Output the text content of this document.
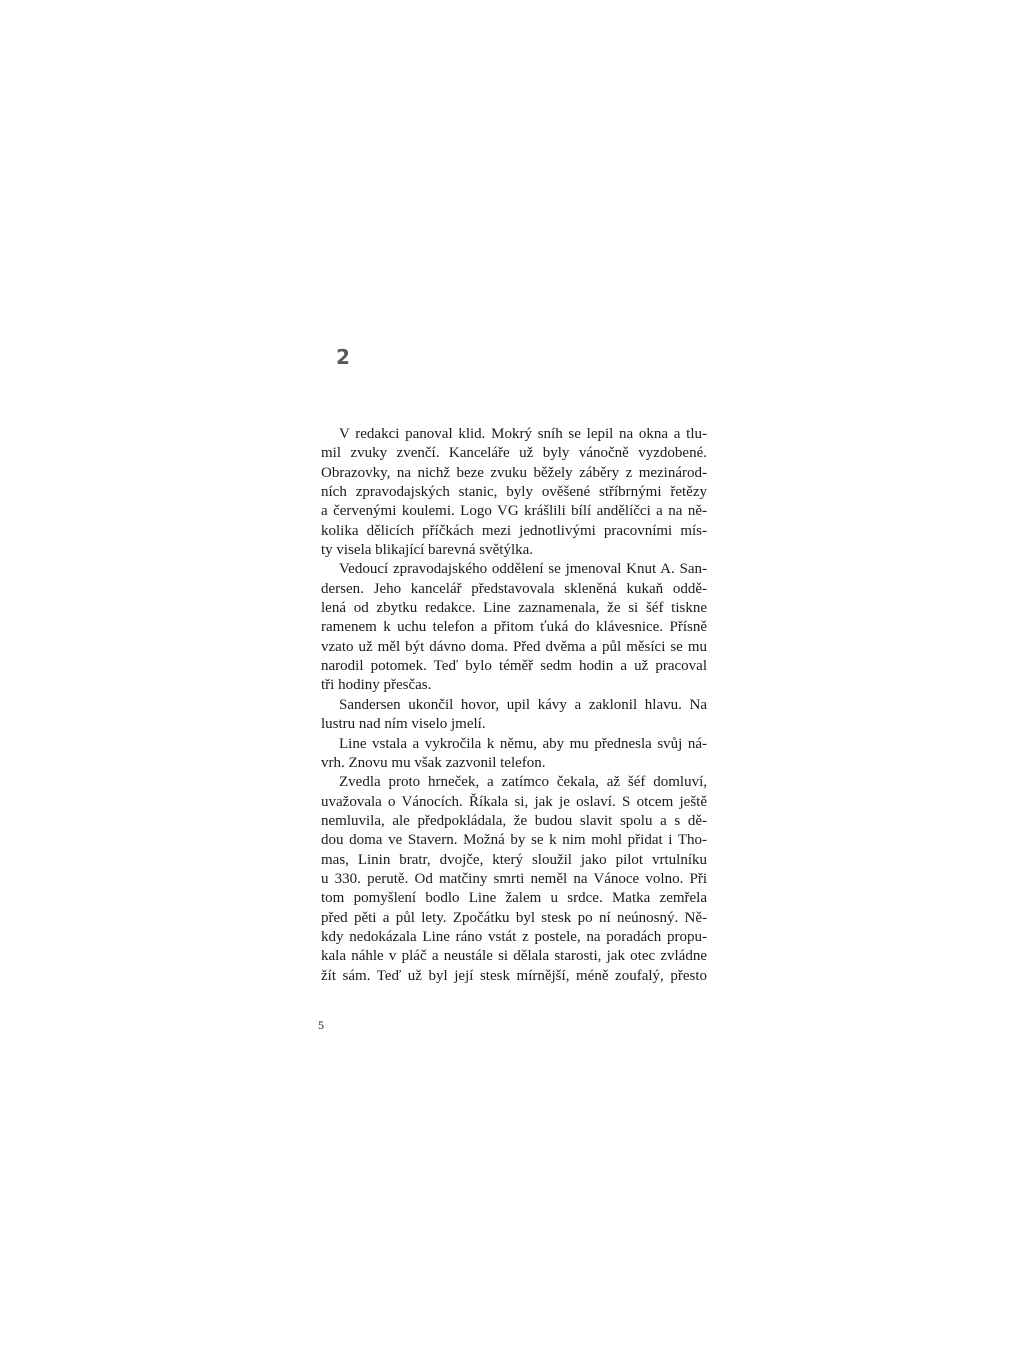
2
V redakci panoval klid. Mokrý sníh se lepil na okna a tlu-
mil zvuky zvenčí. Kanceláře už byly vánočně vyzdobené.
Obrazovky, na nichž beze zvuku běžely záběry z mezinárod-
ních zpravodajských stanic, byly ověšené stříbrnými řetězy
a červenými koulemi. Logo VG krášlili bílí andělíčci a na ně-
kolika dělicích příčkách mezi jednotlivými pracovními mís-
ty visela blikající barevná světýlka.
Vedoucí zpravodajského oddělení se jmenoval Knut A. San-
dersen. Jeho kancelář představovala skleněná kukaň oddě-
lená od zbytku redakce. Line zaznamenala, že si šéf tiskne
ramenem k uchu telefon a přitom ťuká do klávesnice. Přísně
vzato už měl být dávno doma. Před dvěma a půl měsíci se mu
narodil potomek. Teď bylo téměř sedm hodin a už pracoval
tři hodiny přesčas.
Sandersen ukončil hovor, upil kávy a zaklonil hlavu. Na
lustru nad ním viselo jmelí.
Line vstala a vykročila k němu, aby mu přednesla svůj ná-
vrh. Znovu mu však zazvonil telefon.
Zvedla proto hrneček, a zatímco čekala, až šéf domluví,
uvažovala o Vánocích. Říkala si, jak je oslaví. S otcem ještě
nemluvila, ale předpokládala, že budou slavit spolu a s dě-
dou doma ve Stavern. Možná by se k nim mohl přidat i Tho-
mas, Linin bratr, dvojče, který sloužil jako pilot vrtulníku
u 330. perutě. Od matčiny smrti neměl na Vánoce volno. Při
tom pomyšlení bodlo Line žalem u srdce. Matka zemřela
před pěti a půl lety. Zpočátku byl stesk po ní neúnosný. Ně-
kdy nedokázala Line ráno vstát z postele, na poradách propu-
kala náhle v pláč a neustále si dělala starosti, jak otec zvládne
žít sám. Teď už byl její stesk mírnější, méně zoufalý, přesto
5
